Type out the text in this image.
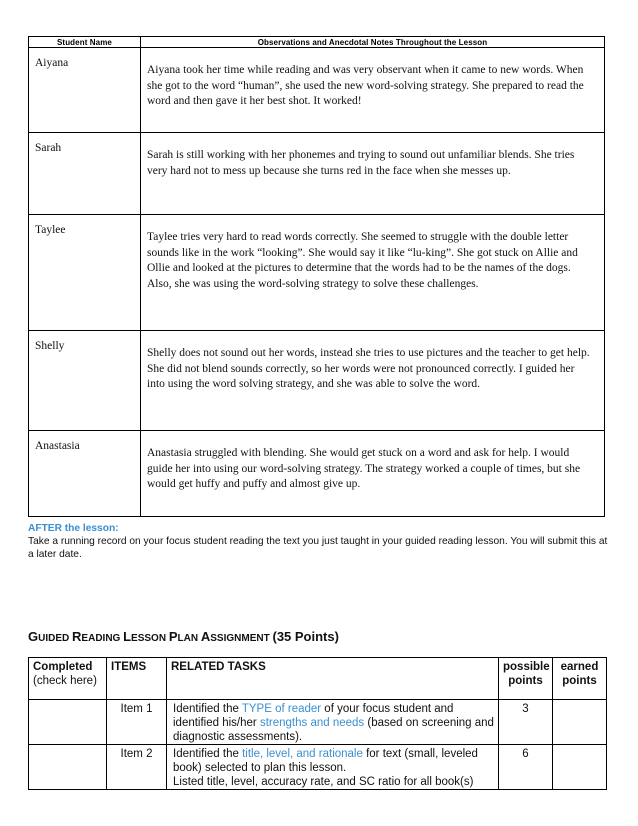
Student Name	Observations and Anecdotal Notes Throughout the Lesson
Aiyana	Aiyana took her time while reading and was very observant when it came to new words. When she got to the word “human”, she used the new word-solving strategy. She prepared to read the word and then gave it her best shot. It worked!
Sarah	Sarah is still working with her phonemes and trying to sound out unfamiliar blends. She tries very hard not to mess up because she turns red in the face when she messes up.
Taylee	Taylee tries very hard to read words correctly. She seemed to struggle with the double letter sounds like in the work “looking”. She would say it like “lu-king”. She got stuck on Allie and Ollie and looked at the pictures to determine that the words had to be the names of the dogs. Also, she was using the word-solving strategy to solve these challenges.
Shelly	Shelly does not sound out her words, instead she tries to use pictures and the teacher to get help. She did not blend sounds correctly, so her words were not pronounced correctly. I guided her into using the word solving strategy, and she was able to solve the word.
Anastasia	Anastasia struggled with blending. She would get stuck on a word and ask for help. I would guide her into using our word-solving strategy. The strategy worked a couple of times, but she would get huffy and puffy and almost give up.
AFTER the lesson:
Take a running record on your focus student reading the text you just taught in your guided reading lesson. You will submit this at a later date.
GUIDED READING LESSON PLAN ASSIGNMENT (35 Points)
Completed
(check here)	ITEMS	RELATED TASKS	possible points	earned points
	Item 1	Identified the TYPE of reader of your focus student and identified his/her strengths and needs (based on screening and diagnostic assessments).	3	
	Item 2	Identified the title, level, and rationale for text (small, leveled book) selected to plan this lesson.
Listed title, level, accuracy rate, and SC ratio for all book(s)	6	
